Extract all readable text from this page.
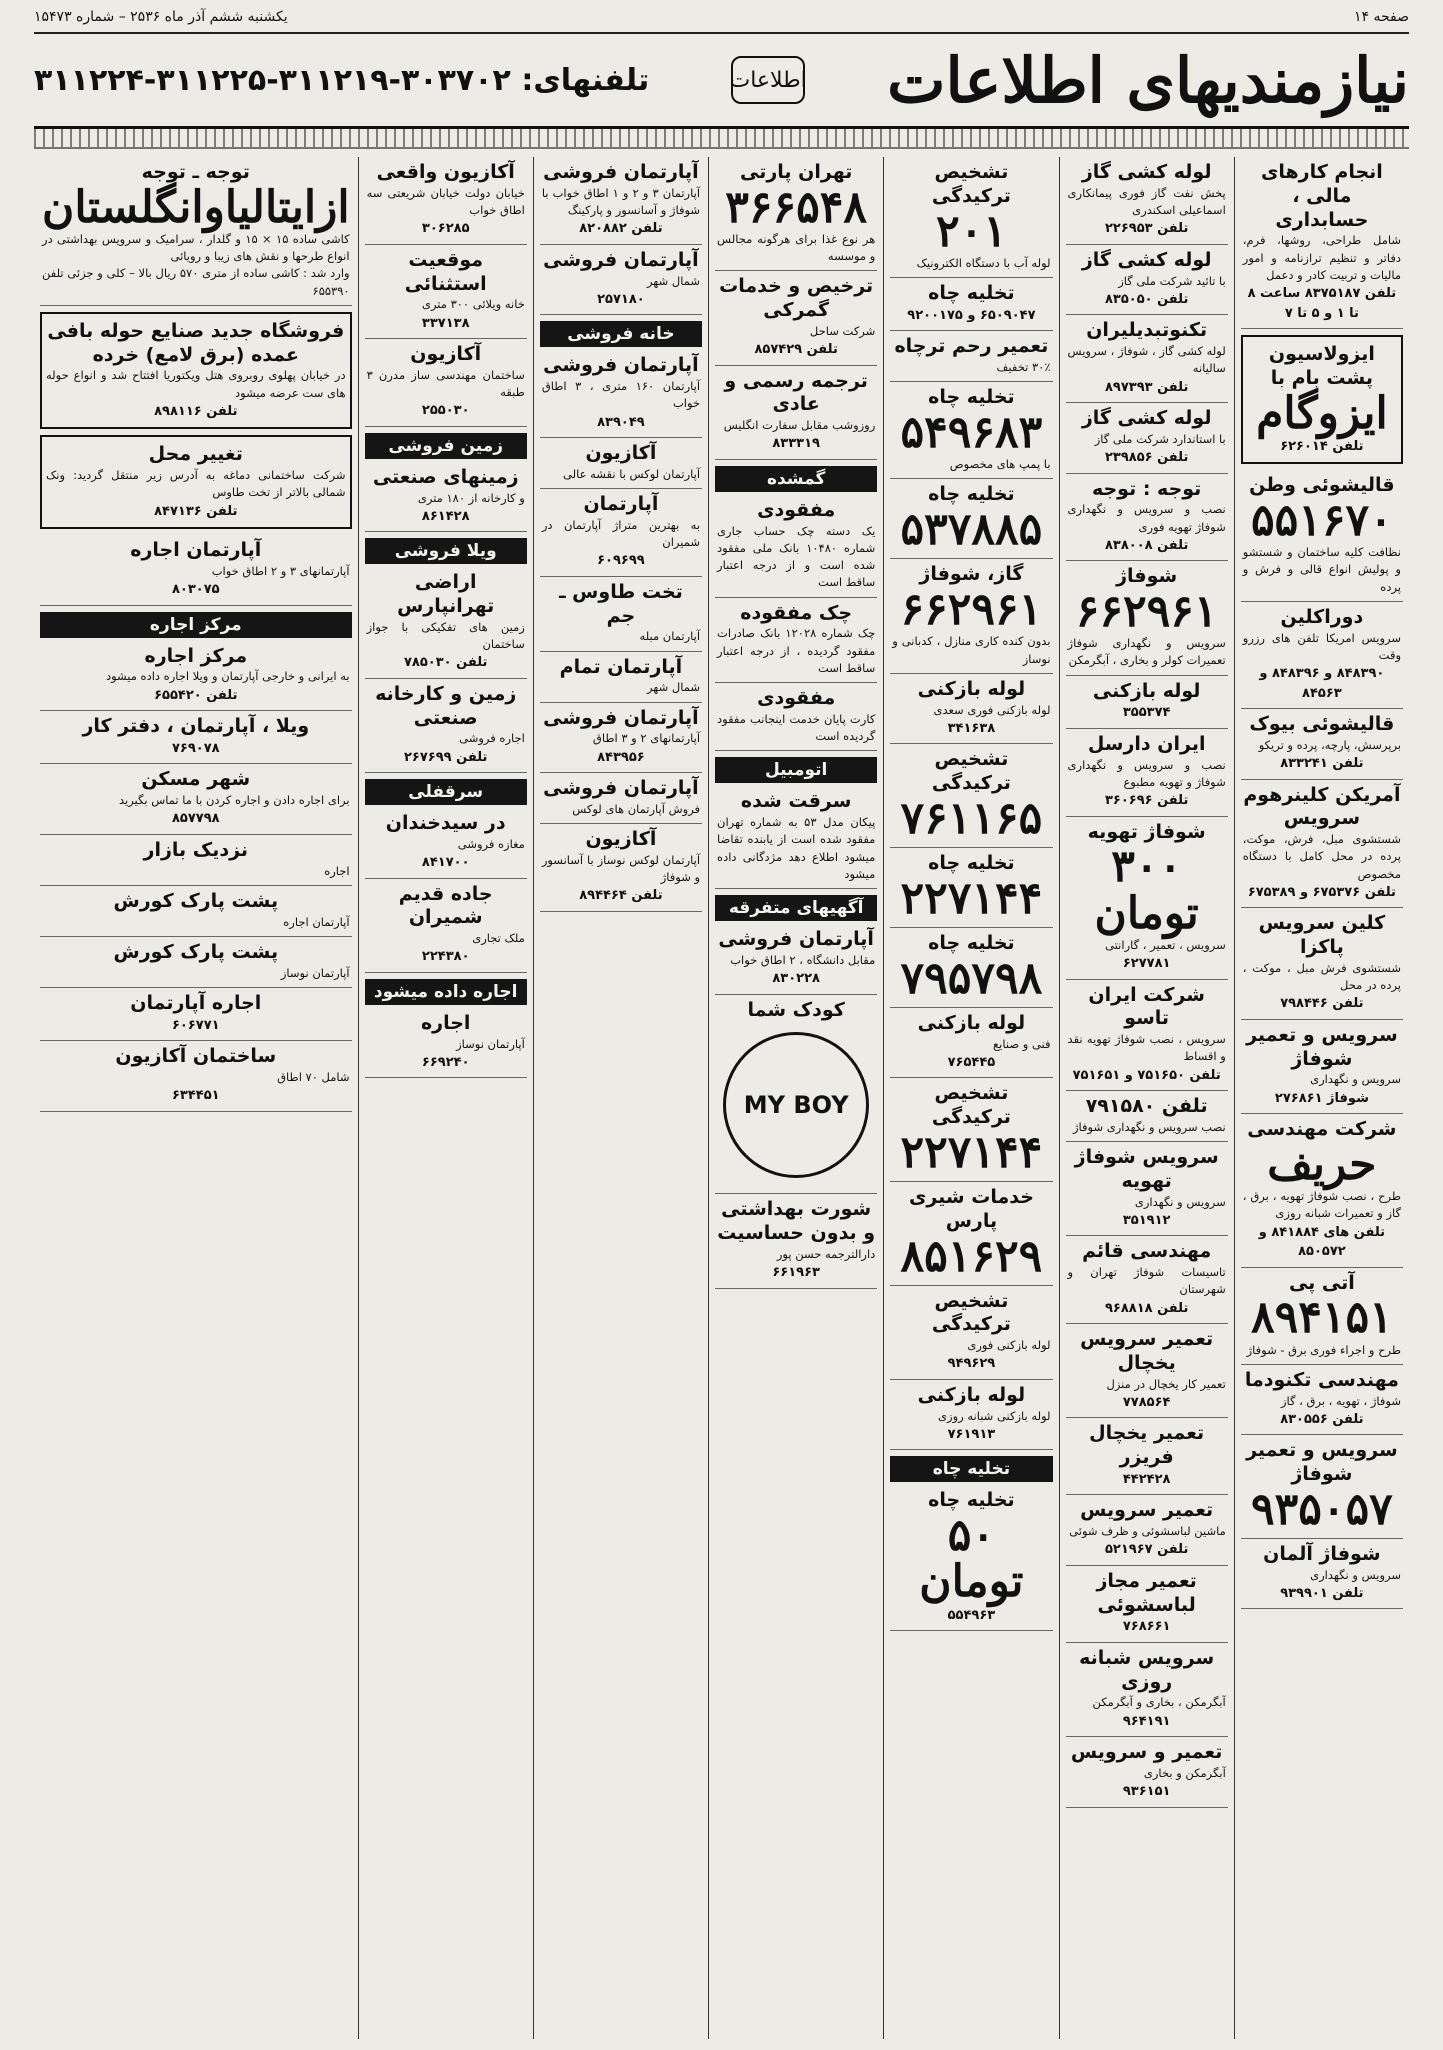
صفحه ۱۴
یکشنبه ششم آذر ماه ۲۵۳۶ – شماره ۱۵۴۷۳
نیازمندیهای اطلاعات
اطلاعات
تلفنهای: ۳۰۳۷۰۲-۳۱۱۲۱۹-۳۱۱۲۲۵-۳۱۱۲۲۴
انجام کارهای مالی ، حسابداری
شامل طراحی، روشها، فرم، دفاتر و تنظیم ترازنامه و امور مالیات و تربیت کادر و دعمل
تلفن ۸۳۷۵۱۸۷ ساعت ۸ تا ۱ و ۵ تا ۷
ایزولاسیون پشت بام با
ایزوگام
تلفن ۶۲۶۰۱۴
قالیشوئی وطن
۵۵۱۶۷۰
نظافت کلیه ساختمان و شستشو و پولیش انواع قالی و فرش و پرده
دوراکلین
سرویس امریکا تلفن های رزرو وقت
۸۴۸۳۹۰ و ۸۴۸۳۹۶ و ۸۴۵۶۳
قالیشوئی بیوک
برپرسش، پارچه، پرده و تریکو
تلفن ۸۳۳۲۴۱
آمریکن کلینرهوم سرویس
شستشوی مبل، فرش، موکت، پرده در محل کامل با دستگاه مخصوص
تلفن ۶۷۵۳۷۶ و ۶۷۵۳۸۹
کلین سرویس پاکزا
شستشوی فرش مبل ، موکت ، پرده در محل
تلفن ۷۹۸۴۴۶
سرویس و تعمیر شوفاژ
سرویس و نگهداری
شوفاژ ۲۷۶۸۶۱
شرکت مهندسی
حریف
طرح ، نصب شوفاژ تهویه ، برق ، گاز و تعمیرات شبانه روزی
تلفن های ۸۴۱۸۸۴ و ۸۵۰۵۷۲
آتی پی
۸۹۴۱۵۱
طرح و اجراء فوری برق - شوفاژ
مهندسی تکنودما
شوفاژ ، تهویه ، برق ، گاز
تلفن ۸۳۰۵۵۶
سرویس و تعمیر شوفاژ
۹۳۵۰۵۷
شوفاژ آلمان
سرویس و نگهداری
تلفن ۹۳۹۹۰۱
لوله کشی گاز
پخش نفت گاز فوری پیمانکاری اسماعیلی اسکندری
تلفن ۲۲۶۹۵۳
لوله کشی گاز
با تائید شرکت ملی گاز
تلفن ۸۳۵۰۵۰
تکنوتبدیلیران
لوله کشی گاز ، شوفاژ ، سرویس سالیانه
تلفن ۸۹۷۳۹۳
لوله کشی گاز
با استاندارد شرکت ملی گاز
تلفن ۲۳۹۸۵۶
توجه : توجه
نصب و سرویس و نگهداری شوفاژ تهویه فوری
تلفن ۸۳۸۰۰۸
شوفاژ
۶۶۲۹۶۱
سرویس و نگهداری شوفاژ تعمیرات کولر و بخاری ، آبگرمکن
لوله بازکنی
۳۵۵۳۷۴
ایران دارسل
نصب و سرویس و نگهداری شوفاژ و تهویه مطبوع
تلفن ۳۶۰۶۹۶
شوفاژ تهویه
۳۰۰ تومان
سرویس ، تعمیر ، گارانتی
۶۲۷۷۸۱
شرکت ایران تاسو
سرویس ، نصب شوفاژ تهویه نقد و اقساط
تلفن ۷۵۱۶۵۰ و ۷۵۱۶۵۱
تلفن ۷۹۱۵۸۰
نصب سرویس و نگهداری شوفاژ
سرویس شوفاژ تهویه
سرویس و نگهداری
۳۵۱۹۱۲
مهندسی قائم
تاسیسات شوفاژ تهران و شهرستان
تلفن ۹۶۸۸۱۸
تعمیر سرویس یخچال
تعمیر کار یخچال در منزل
۷۷۸۵۶۴
تعمیر یخچال فریزر
۴۴۲۴۲۸
تعمیر سرویس
ماشین لباسشوئی و ظرف شوئی
تلفن ۵۲۱۹۶۷
تعمیر مجاز لباسشوئی
۷۶۸۶۶۱
سرویس شبانه روزی
آبگرمکن ، بخاری و آبگرمکن
۹۶۴۱۹۱
تعمیر و سرویس
آبگرمکن و بخاری
۹۳۶۱۵۱
تشخیص ترکیدگی
۲۰۱
لوله آب با دستگاه الکترونیک
تخلیه چاه
۶۵۰۹۰۴۷ و ۹۲۰۰۱۷۵
تعمیر رحم ترچاه
۳۰٪ تخفیف
تخلیه چاه
۵۴۹۶۸۳
با پمپ های مخصوص
تخلیه چاه
۵۳۷۸۸۵
گاز، شوفاژ
۶۶۲۹۶۱
بدون کنده کاری منازل ، کدبانی و نوساز
لوله بازکنی
لوله بازکنی فوری سعدی
۳۴۱۶۳۸
تشخیص ترکیدگی
۷۶۱۱۶۵
تخلیه چاه
۲۲۷۱۴۴
تخلیه چاه
۷۹۵۷۹۸
لوله بازکنی
فنی و صنایع
۷۶۵۴۴۵
تشخیص ترکیدگی
۲۲۷۱۴۴
خدمات شیری پارس
۸۵۱۶۲۹
تشخیص ترکیدگی
لوله بازکنی فوری
۹۴۹۶۲۹
لوله بازکنی
لوله بازکنی شبانه روزی
۷۶۱۹۱۳
تخلیه چاه
تخلیه چاه
۵۰ تومان
۵۵۴۹۶۳
تهران پارتی
۳۶۶۵۴۸
هر نوع غذا برای هرگونه مجالس و موسسه
ترخیص و خدمات گمرکی
شرکت ساحل
تلفن ۸۵۷۴۲۹
ترجمه رسمی و عادی
روزوشب مقابل سفارت انگلیس
۸۳۳۳۱۹
گمشده
مفقودی
یک دسته چک حساب جاری شماره ۱۰۴۸۰ بانک ملی مفقود شده است و از درجه اعتبار ساقط است
چک مفقوده
چک شماره ۱۲۰۲۸ بانک صادرات مفقود گردیده ، از درجه اعتبار ساقط است
مفقودی
کارت پایان خدمت اینجانب مفقود گردیده است
اتومبیل
سرقت شده
پیکان مدل ۵۳ به شماره تهران مفقود شده است از یابنده تقاضا میشود اطلاع دهد مژدگانی داده میشود
آگهیهای متفرقه
آپارتمان فروشی
مقابل دانشگاه ، ۲ اطاق خواب
۸۳۰۲۲۸
کودک شما
MY BOY
شورت بهداشتی و بدون حساسیت
دارالترجمه حسن پور
۶۶۱۹۶۳
آپارتمان فروشی
آپارتمان ۳ و ۲ و ۱ اطاق خواب با شوفاژ و آسانسور و پارکینگ
تلفن ۸۲۰۸۸۲
آپارتمان فروشی
شمال شهر
۲۵۷۱۸۰
خانه فروشی
آپارتمان فروشی
آپارتمان ۱۶۰ متری ، ۳ اطاق خواب
۸۳۹۰۴۹
آکازیون
آپارتمان لوکس با نقشه عالی
آپارتمان
به بهترین متراژ آپارتمان در شمیران
۶۰۹۶۹۹
تخت طاوس ـ جم
آپارتمان مبله
آپارتمان تمام
شمال شهر
آپارتمان فروشی
آپارتمانهای ۲ و ۳ اطاق
۸۴۳۹۵۶
آپارتمان فروشی
فروش آپارتمان های لوکس
آکازیون
آپارتمان لوکس نوساز با آسانسور و شوفاژ
تلفن ۸۹۴۴۶۴
آکازیون واقعی
خیابان دولت خیابان شریعتی سه اطاق خواب
۳۰۶۲۸۵
موقعیت استثنائی
خانه ویلائی ۳۰۰ متری
۳۳۷۱۳۸
آکازیون
ساختمان مهندسی ساز مدرن ۳ طبقه
۲۵۵۰۳۰
زمین فروشی
زمینهای صنعتی
و کارخانه از ۱۸۰ متری
۸۶۱۴۲۸
ویلا فروشی
اراضی تهرانپارس
زمین های تفکیکی با جواز ساختمان
تلفن ۷۸۵۰۳۰
زمین و کارخانه صنعتی
اجاره فروشی
تلفن ۲۶۷۶۹۹
سرقفلی
در سیدخندان
مغازه فروشی
۸۴۱۷۰۰
جاده قدیم شمیران
ملک تجاری
۲۲۴۳۸۰
اجاره داده میشود
اجاره
آپارتمان نوساز
۶۶۹۲۴۰
توجه ـ توجه
ازایتالیاوانگلستان
کاشی ساده ۱۵ × ۱۵ و گلدار ، سرامیک و سرویس بهداشتی در انواع طرحها و نقش های زیبا و رویائی
وارد شد : کاشی ساده از متری ۵۷۰ ریال بالا – کلی و جزئی تلفن ۶۵۵۳۹۰
فروشگاه جدید صنایع حوله بافی عمده (برق لامع) خرده
در خیابان پهلوی روبروی هتل ویکتوریا افتتاح شد و انواع حوله های ست عرضه میشود
تلفن ۸۹۸۱۱۶
تغییر محل
شرکت ساختمانی دماغه به آدرس زیر منتقل گردید: ونک شمالی بالاتر از تخت طاوس
تلفن ۸۴۷۱۳۶
آپارتمان اجاره
آپارتمانهای ۳ و ۲ اطاق خواب
۸۰۳۰۷۵
مرکز اجاره
مرکز اجاره
به ایرانی و خارجی آپارتمان و ویلا اجاره داده میشود
تلفن ۶۵۵۴۲۰
ویلا ، آپارتمان ، دفتر کار
۷۶۹۰۷۸
شهر مسکن
برای اجاره دادن و اجاره کردن با ما تماس بگیرید
۸۵۷۷۹۸
نزدیک بازار
اجاره
پشت پارک کورش
آپارتمان اجاره
پشت پارک کورش
آپارتمان نوساز
اجاره آپارتمان
۶۰۶۷۷۱
ساختمان آکازیون
شامل ۷۰ اطاق
۶۳۴۴۵۱
